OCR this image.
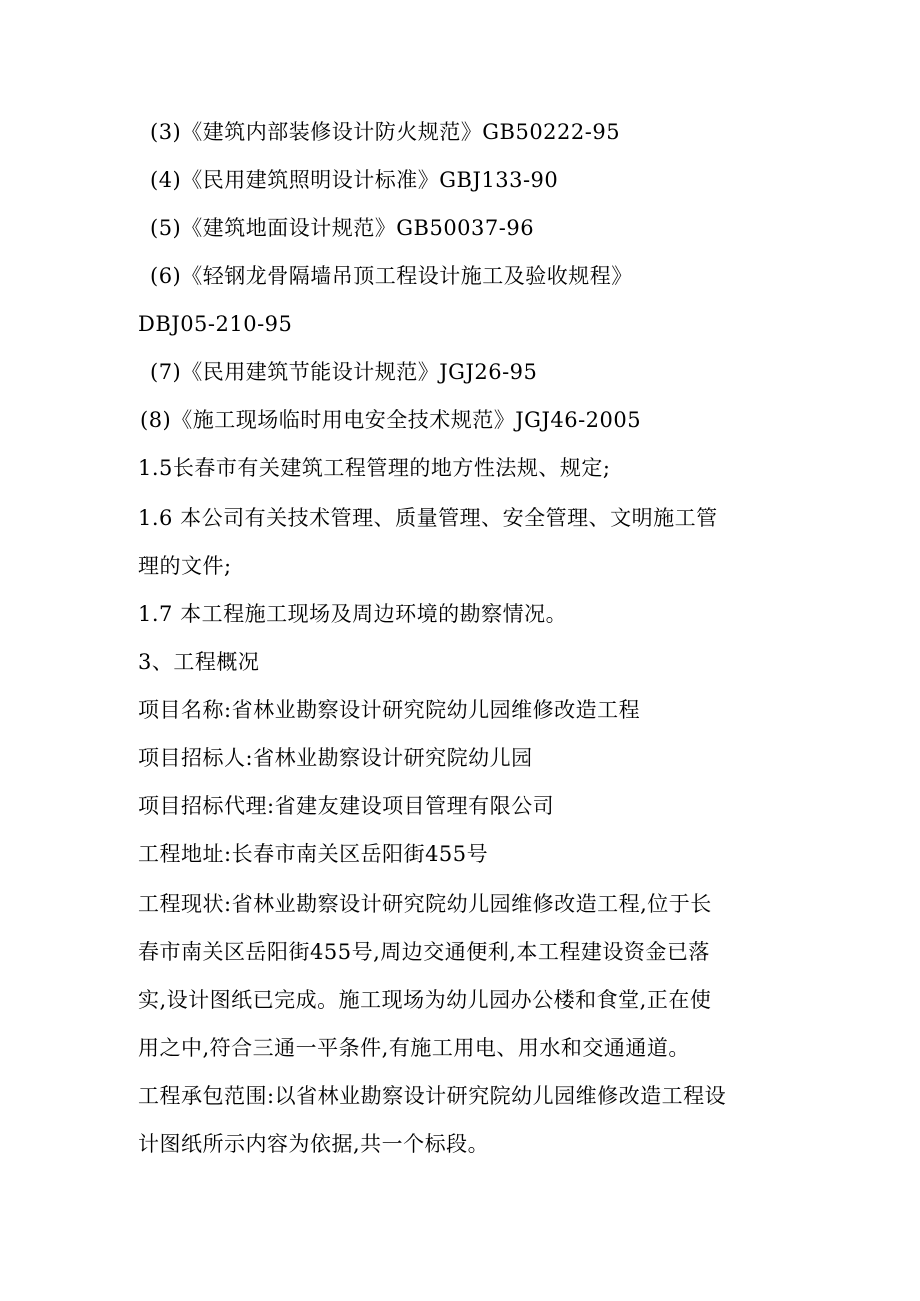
(3)《建筑内部装修设计防火规范》GB50222-95
(4)《民用建筑照明设计标准》GBJ133-90
(5)《建筑地面设计规范》GB50037-96
(6)《轻钢龙骨隔墙吊顶工程设计施工及验收规程》
DBJ05-210-95
(7)《民用建筑节能设计规范》JGJ26-95
(8)《施工现场临时用电安全技术规范》JGJ46-2005
1.5长春市有关建筑工程管理的地方性法规、规定;
1.6 本公司有关技术管理、质量管理、安全管理、文明施工管
理的文件;
1.7 本工程施工现场及周边环境的勘察情况。
3、工程概况
项目名称:省林业勘察设计研究院幼儿园维修改造工程
项目招标人:省林业勘察设计研究院幼儿园
项目招标代理:省建友建设项目管理有限公司
工程地址:长春市南关区岳阳街455号
工程现状:省林业勘察设计研究院幼儿园维修改造工程,位于长
春市南关区岳阳街455号,周边交通便利,本工程建设资金已落
实,设计图纸已完成。施工现场为幼儿园办公楼和食堂,正在使
用之中,符合三通一平条件,有施工用电、用水和交通通道。
工程承包范围:以省林业勘察设计研究院幼儿园维修改造工程设
计图纸所示内容为依据,共一个标段。
